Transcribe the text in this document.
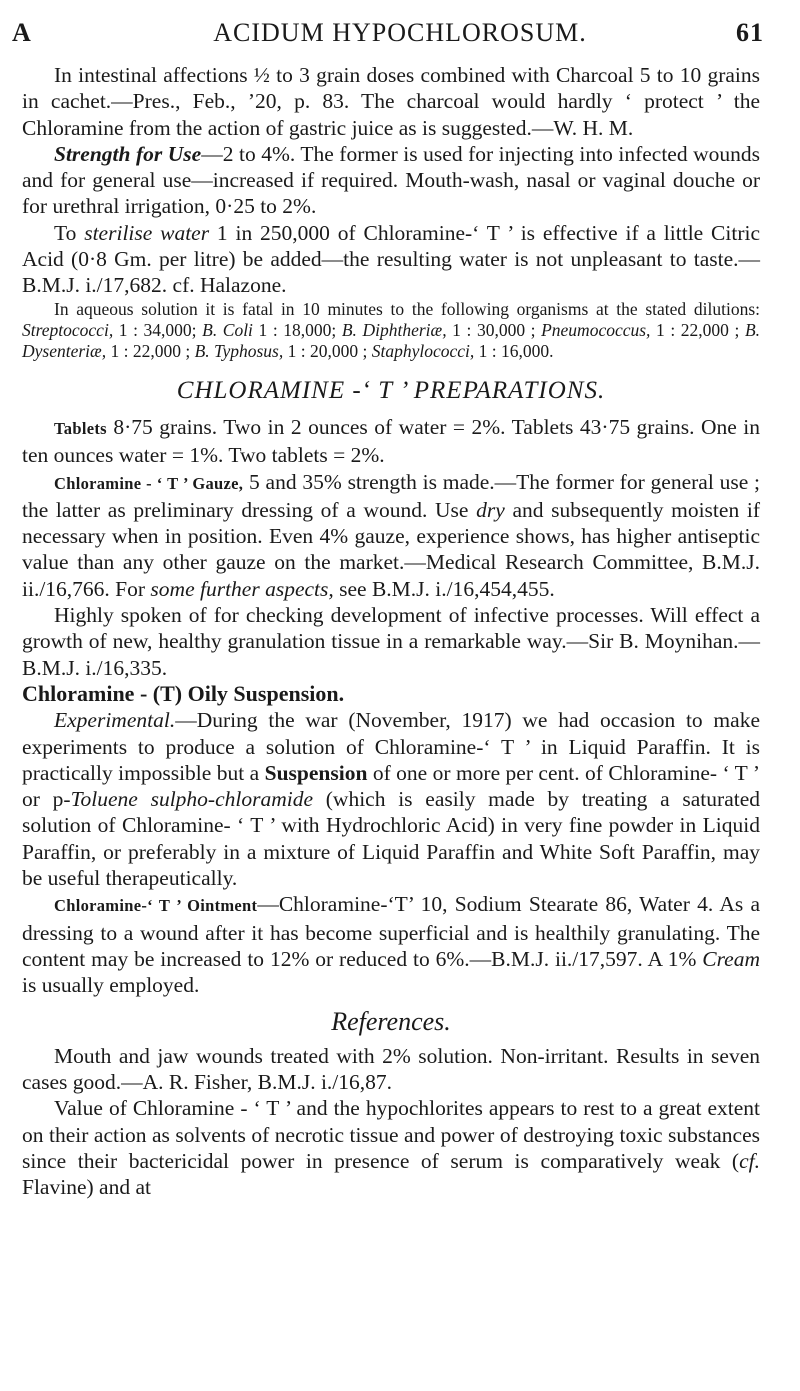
A	ACIDUM HYPOCHLOROSUM.	61

In intestinal affections ½ to 3 grain doses combined with Charcoal 5 to 10 grains in cachet.—Pres., Feb., ’20, p. 83. The charcoal would hardly ‘ protect ’ the Chloramine from the action of gastric juice as is suggested.—W. H. M.

Strength for Use—2 to 4%. The former is used for injecting into infected wounds and for general use—increased if required. Mouth-wash, nasal or vaginal douche or for urethral irrigation, 0·25 to 2%.

To sterilise water 1 in 250,000 of Chloramine-‘ T ’ is effective if a little Citric Acid (0·8 Gm. per litre) be added—the resulting water is not unpleasant to taste.—B.M.J. i./17,682. cf. Halazone.

In aqueous solution it is fatal in 10 minutes to the following organisms at the stated dilutions: Streptococci, 1 : 34,000; B. Coli 1 : 18,000; B. Diphtheriæ, 1 : 30,000 ; Pneumococcus, 1 : 22,000 ; B. Dysenteriæ, 1 : 22,000 ; B. Typhosus, 1 : 20,000 ; Staphylococci, 1 : 16,000.

CHLORAMINE -‘ T ’ PREPARATIONS.

Tablets 8·75 grains. Two in 2 ounces of water = 2%. Tablets 43·75 grains. One in ten ounces water = 1%. Two tablets = 2%.

Chloramine - ‘ T ’ Gauze, 5 and 35% strength is made.—The former for general use ; the latter as preliminary dressing of a wound. Use dry and subsequently moisten if necessary when in position. Even 4% gauze, experience shows, has higher antiseptic value than any other gauze on the market.—Medical Research Committee, B.M.J. ii./16,766. For some further aspects, see B.M.J. i./16,454,455.

Highly spoken of for checking development of infective processes. Will effect a growth of new, healthy granulation tissue in a remarkable way.—Sir B. Moynihan.—B.M.J. i./16,335.

Chloramine - (T) Oily Suspension.

Experimental.—During the war (November, 1917) we had occasion to make experiments to produce a solution of Chloramine-‘ T ’ in Liquid Paraffin. It is practically impossible but a Suspension of one or more per cent. of Chloramine- ‘ T ’ or p-Toluene sulpho-chloramide (which is easily made by treating a saturated solution of Chloramine- ‘ T ’ with Hydrochloric Acid) in very fine powder in Liquid Paraffin, or preferably in a mixture of Liquid Paraffin and White Soft Paraffin, may be useful therapeutically.

Chloramine-‘ T ’ Ointment—Chloramine-‘T’ 10, Sodium Stearate 86, Water 4. As a dressing to a wound after it has become superficial and is healthily granulating. The content may be increased to 12% or reduced to 6%.—B.M.J. ii./17,597. A 1% Cream is usually employed.

References.

Mouth and jaw wounds treated with 2% solution. Non-irritant. Results in seven cases good.—A. R. Fisher, B.M.J. i./16,87.

Value of Chloramine - ‘ T ’ and the hypochlorites appears to rest to a great extent on their action as solvents of necrotic tissue and power of destroying toxic substances since their bactericidal power in presence of serum is comparatively weak (cf. Flavine) and at
